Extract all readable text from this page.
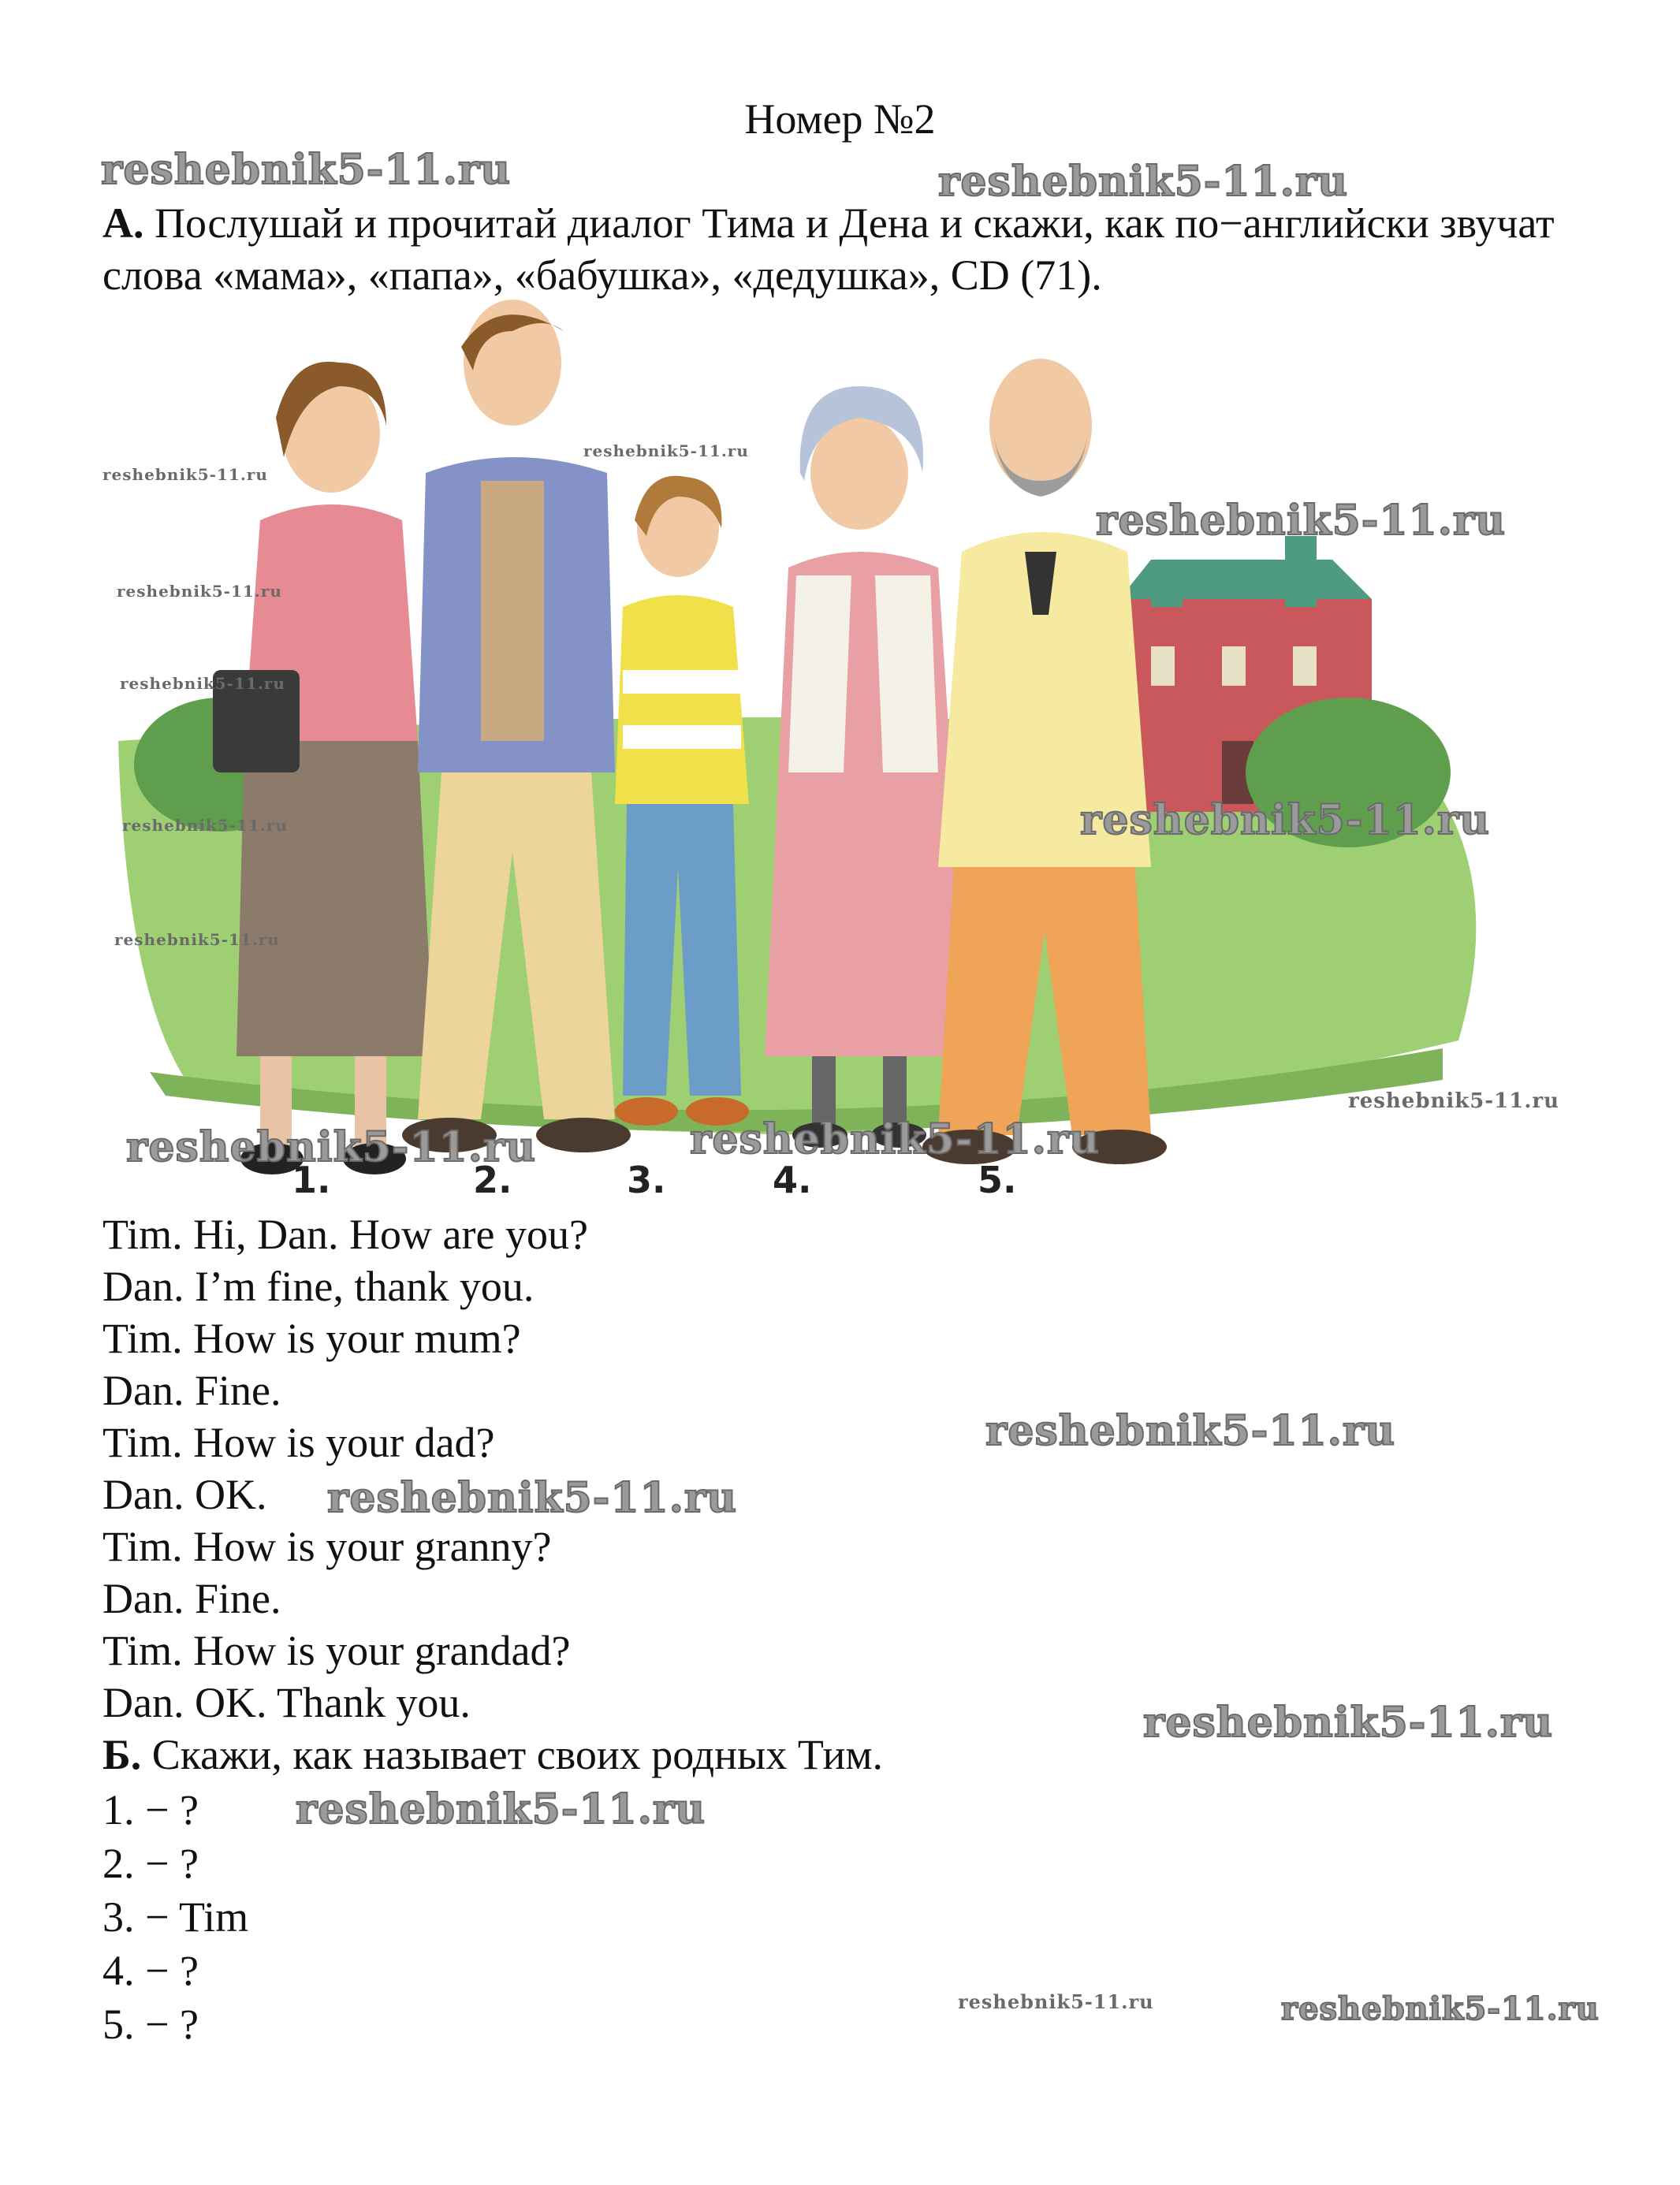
Номер №2
А. Послушай и прочитай диалог Тима и Дена и скажи, как по−английски звучат слова «мама», «папа», «бабушка», «дедушка», CD (71).
1.	2.	3.	4.	5.
Tim. Hi, Dan. How are you?
Dan. I’m fine, thank you.
Tim. How is your mum?
Dan. Fine.
Tim. How is your dad?
Dan. OK.
Tim. How is your granny?
Dan. Fine.
Tim. How is your grandad?
Dan. OK. Thank you.
Б. Скажи, как называет своих родных Тим.
1. − ?
2. − ?
3. − Tim
4. − ?
5. − ?
reshebnik5-11.ru	reshebnik5-11.ru
reshebnik5-11.ru
reshebnik5-11.ru
reshebnik5-11.ru	reshebnik5-11.ru
reshebnik5-11.ru
reshebnik5-11.ru
reshebnik5-11.ru
reshebnik5-11.ru
reshebnik5-11.ru
reshebnik5-11.ru
reshebnik5-11.ru
reshebnik5-11.ru
reshebnik5-11.ru
reshebnik5-11.ru
reshebnik5-11.ru
reshebnik5-11.ru
reshebnik5-11.ru
